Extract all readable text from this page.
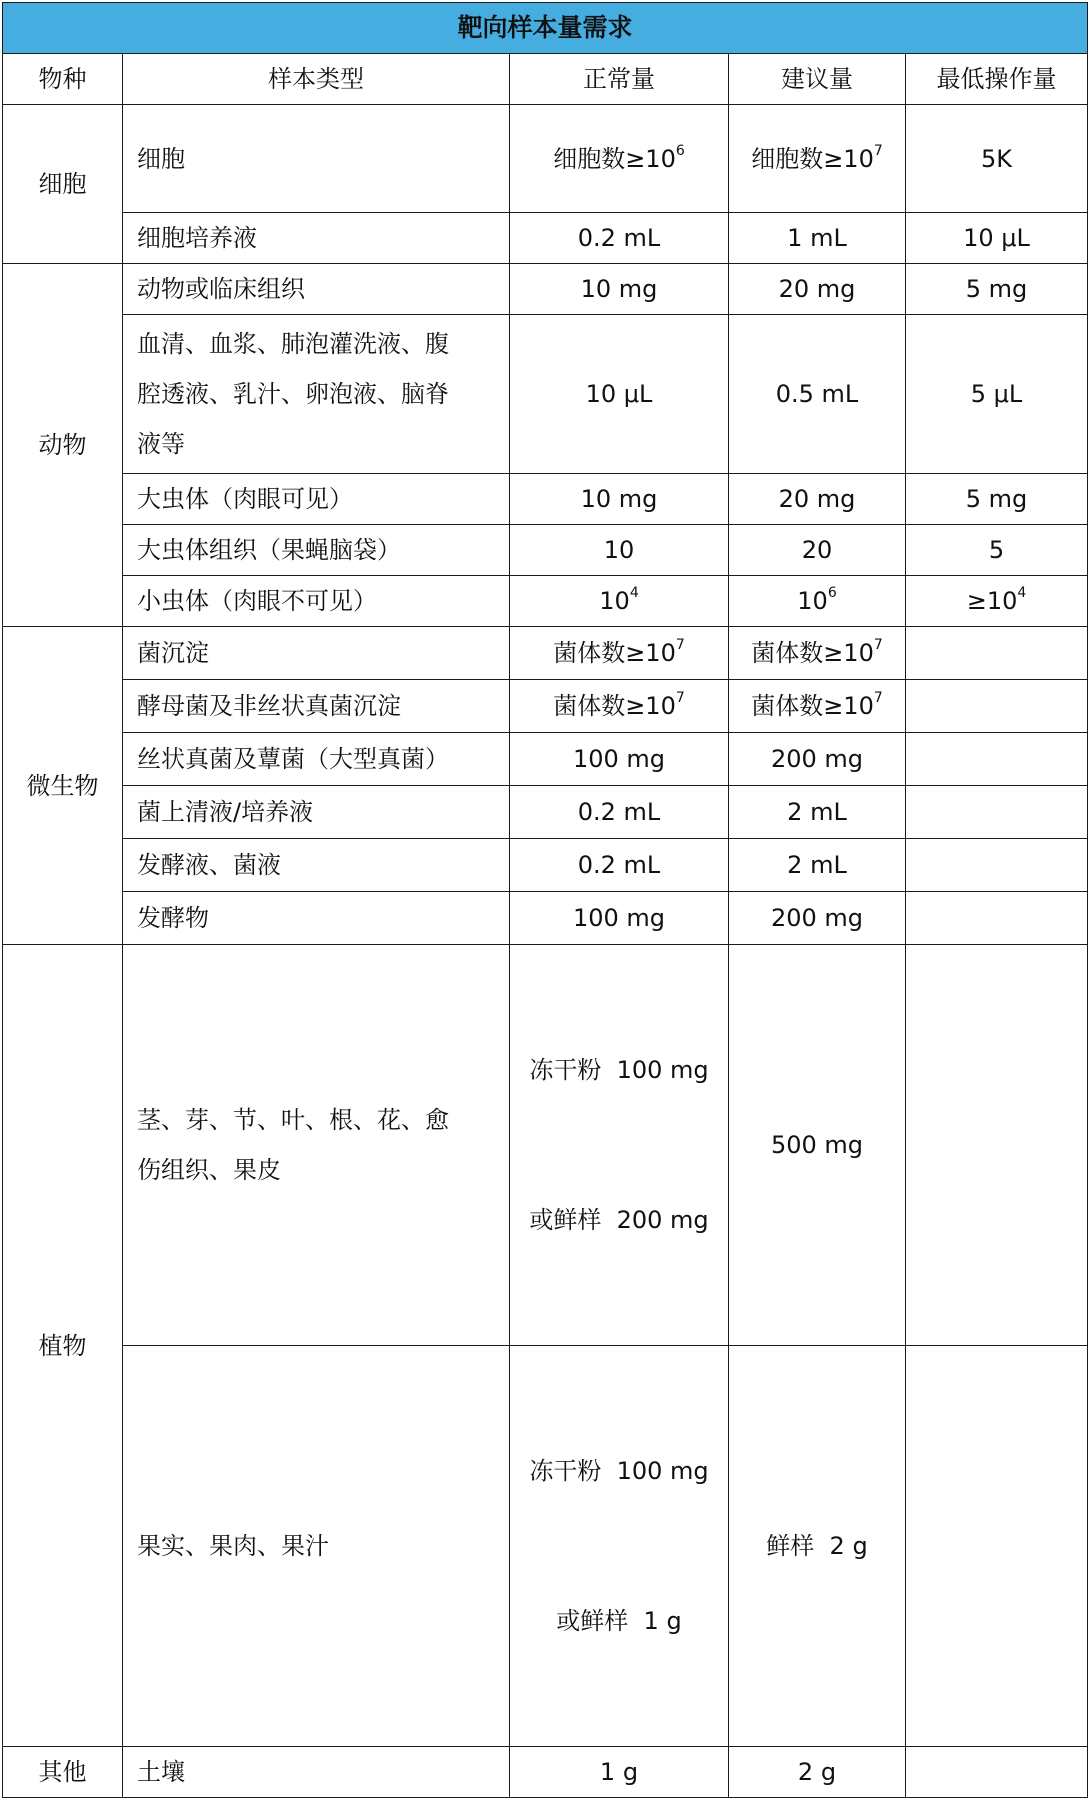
靶向样本量需求				
物种	样本类型	正常量	建议量	最低操作量
细胞	细胞	细胞数$\ge 10^6$	细胞数$\ge 10^7$	5K
	细胞培养液	0.2 mL	1 mL	10 μL
动物	动物或临床组织	10 mg	20 mg	5 mg

	血清、血浆、肺泡灌洗液、腹
腔透液、乳汁、卵泡液、脑脊
液等	10 μL	0.5 mL	5 μL
	大虫体（肉眼可见）	10 mg	20 mg	5 mg
	大虫体组织（果蝇脑袋）	10	20	5
	小虫体（肉眼不可见）	$10^4$	$10^6$	$\ge 10^4$
微生物	菌沉淀	菌体数$\ge 10^7$	菌体数$\ge 10^7$	
	酵母菌及非丝状真菌沉淀	菌体数$\ge 10^7$	菌体数$\ge 10^7$	
	丝状真菌及蕈菌（大型真菌）	100 mg	200 mg	
	菌上清液/培养液	0.2 mL	2 mL	
	发酵液、菌液	0.2 mL	2 mL	
	发酵物	100 mg	200 mg	
植物	茎、芽、节、叶、根、花、愈
伤组织、果皮	冻干粉  100 mg

或鲜样  200 mg	500 mg	
	果实、果肉、果汁	冻干粉  100 mg

或鲜样  1 g	鲜样  2 g	
其他	土壤	1 g	2 g	
